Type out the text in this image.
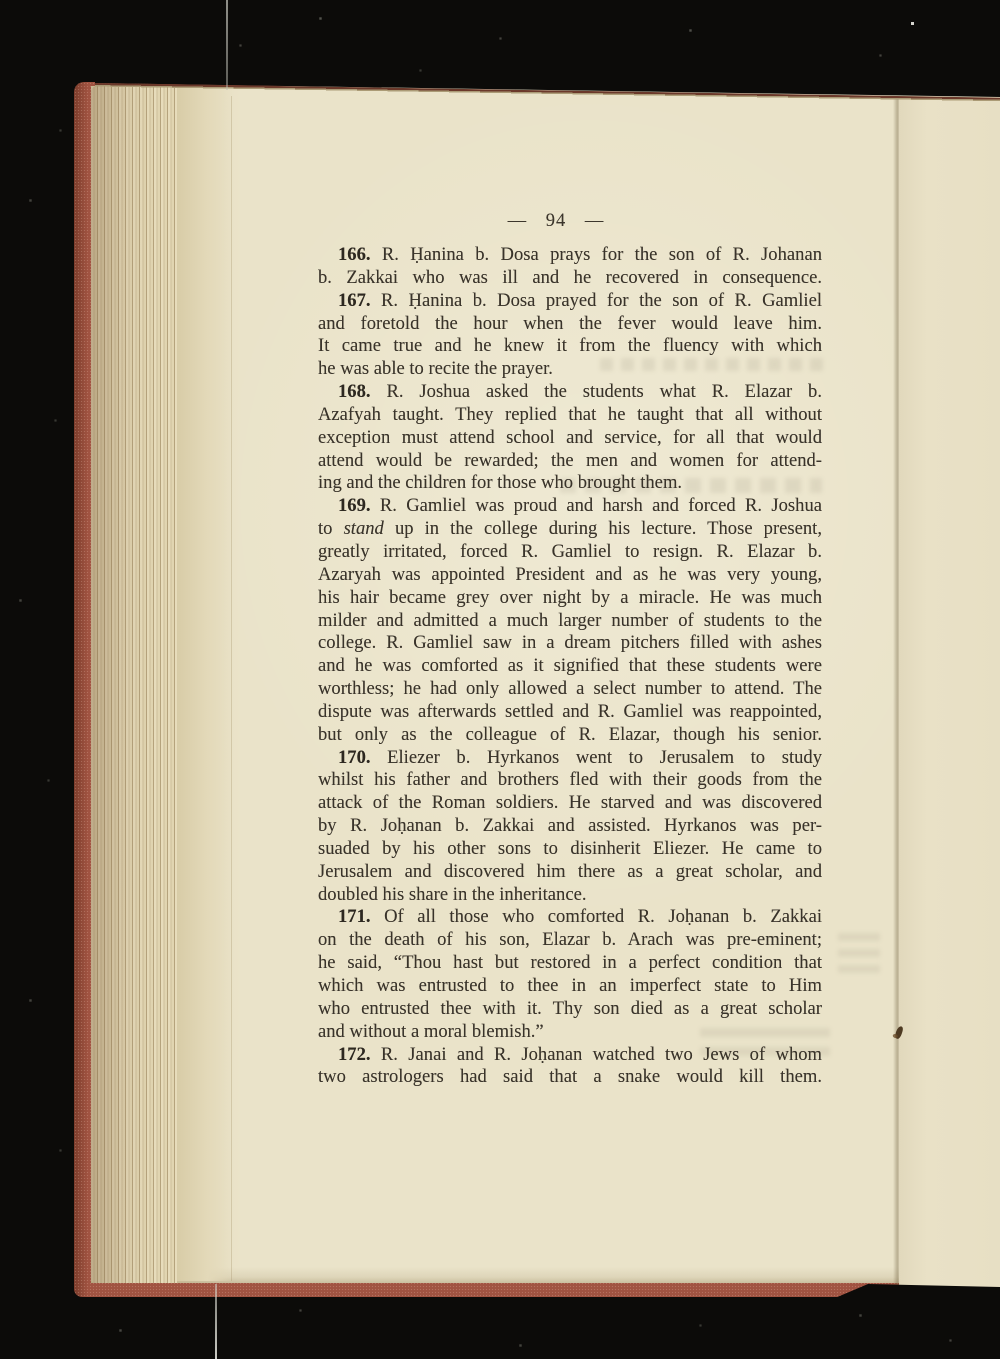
— 94 —
166. R. Ḥanina b. Dosa prays for the son of R. Johanan
b. Zakkai who was ill and he recovered in consequence.
167. R. Ḥanina b. Dosa prayed for the son of R. Gamliel
and foretold the hour when the fever would leave him.
It came true and he knew it from the fluency with which
he was able to recite the prayer.
168. R. Joshua asked the students what R. Elazar b.
Azafyah taught. They replied that he taught that all without
exception must attend school and service, for all that would
attend would be rewarded; the men and women for attend-
ing and the children for those who brought them.
169. R. Gamliel was proud and harsh and forced R. Joshua
to stand up in the college during his lecture. Those present,
greatly irritated, forced R. Gamliel to resign. R. Elazar b.
Azaryah was appointed President and as he was very young,
his hair became grey over night by a miracle. He was much
milder and admitted a much larger number of students to the
college. R. Gamliel saw in a dream pitchers filled with ashes
and he was comforted as it signified that these students were
worthless; he had only allowed a select number to attend. The
dispute was afterwards settled and R. Gamliel was reappointed,
but only as the colleague of R. Elazar, though his senior.
170. Eliezer b. Hyrkanos went to Jerusalem to study
whilst his father and brothers fled with their goods from the
attack of the Roman soldiers. He starved and was discovered
by R. Joḥanan b. Zakkai and assisted. Hyrkanos was per-
suaded by his other sons to disinherit Eliezer. He came to
Jerusalem and discovered him there as a great scholar, and
doubled his share in the inheritance.
171. Of all those who comforted R. Joḥanan b. Zakkai
on the death of his son, Elazar b. Arach was pre-eminent;
he said, “Thou hast but restored in a perfect condition that
which was entrusted to thee in an imperfect state to Him
who entrusted thee with it. Thy son died as a great scholar
and without a moral blemish.”
172. R. Janai and R. Joḥanan watched two Jews of whom
two astrologers had said that a snake would kill them.
